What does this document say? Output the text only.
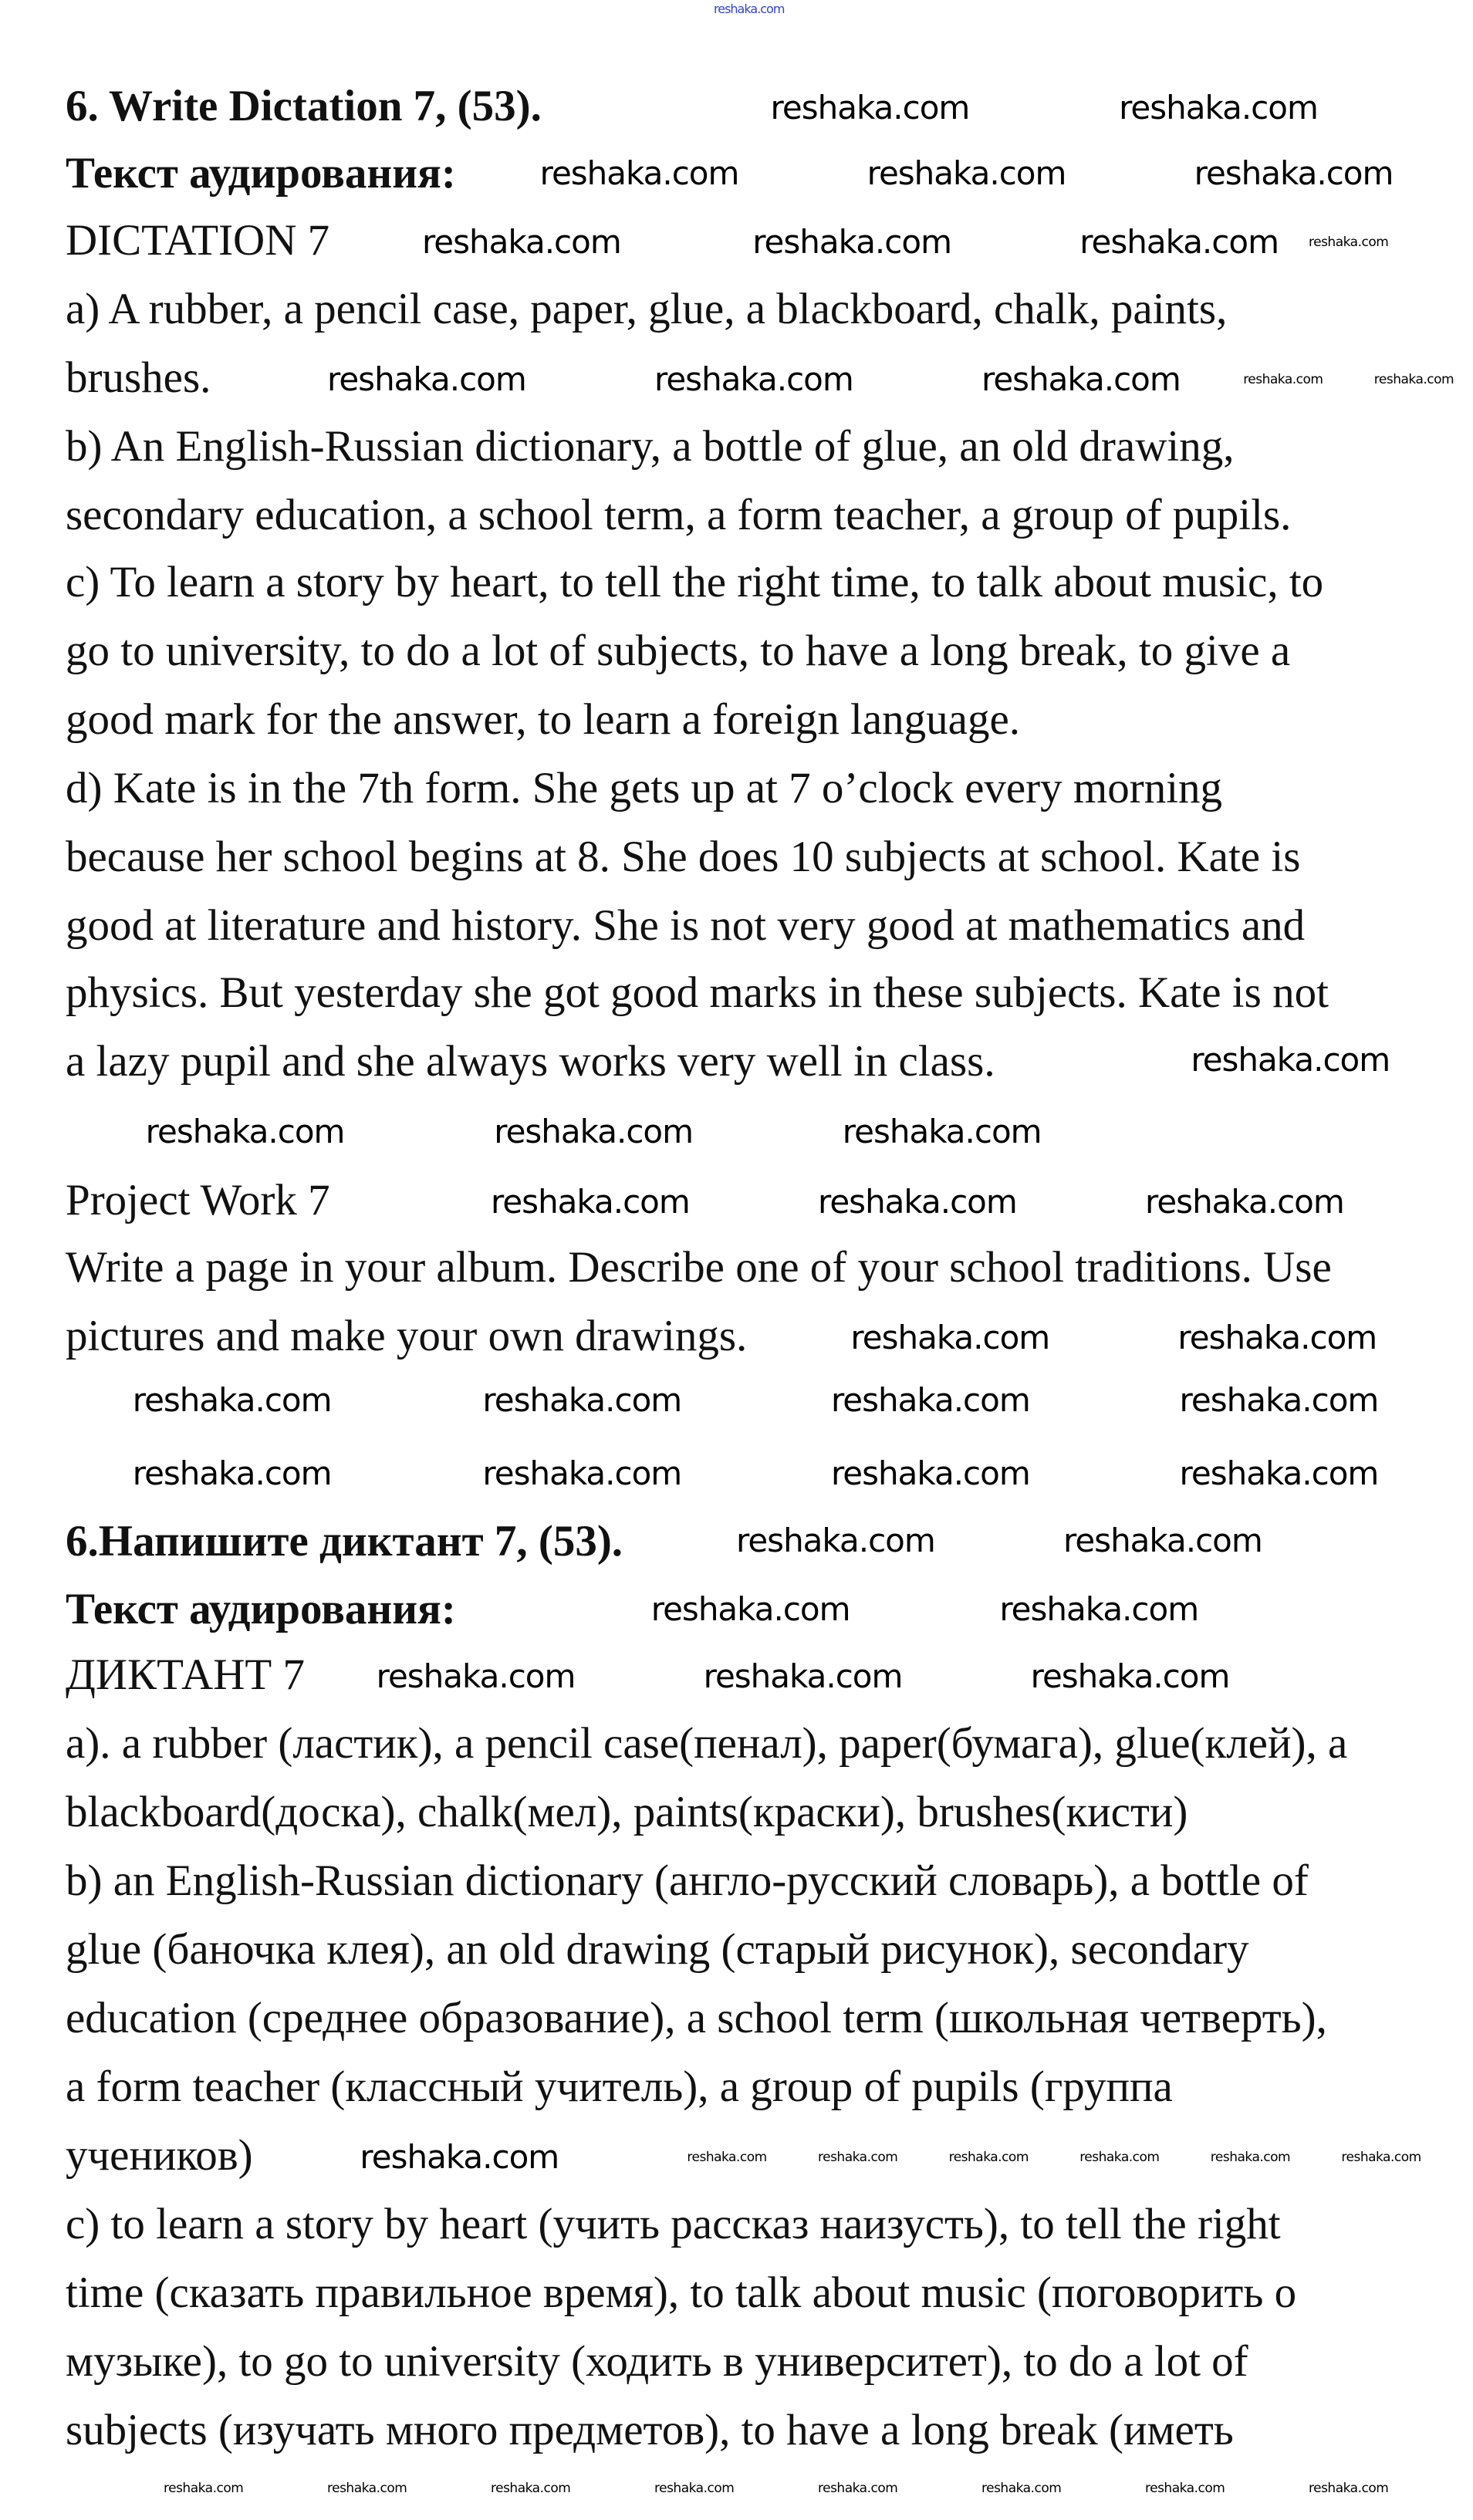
reshaka.com
6. Write Dictation 7, (53).
Текст аудирования:
DICTATION 7
a) A rubber, a pencil case, paper, glue, a blackboard, chalk, paints,
brushes.
b) An English-Russian dictionary, a bottle of glue, an old drawing,
secondary education, a school term, a form teacher, a group of pupils.
c) To learn a story by heart, to tell the right time, to talk about music, to
go to university, to do a lot of subjects, to have a long break, to give a
good mark for the answer, to learn a foreign language.
d) Kate is in the 7th form. She gets up at 7 o’clock every morning
because her school begins at 8. She does 10 subjects at school. Kate is
good at literature and history. She is not very good at mathematics and
physics. But yesterday she got good marks in these subjects. Kate is not
a lazy pupil and she always works very well in class.
Project Work 7
Write a page in your album. Describe one of your school traditions. Use
pictures and make your own drawings.
6.Напишите диктант 7, (53).
Текст аудирования:
ДИКТАНТ 7
a). a rubber (ластик), a pencil case(пенал), paper(бумага), glue(клей), a
blackboard(доска), chalk(мел), paints(краски), brushes(кисти)
b) an English-Russian dictionary (англо-русский словарь), a bottle of
glue (баночка клея), an old drawing (старый рисунок), secondary
education (среднее образование), a school term (школьная четверть),
a form teacher (классный учитель), a group of pupils (группа
учеников)
c) to learn a story by heart (учить рассказ наизусть), to tell the right
time (сказать правильное время), to talk about music (поговорить о
музыке), to go to university (ходить в университет), to do a lot of
subjects (изучать много предметов), to have a long break (иметь
reshaka.com	reshaka.com
reshaka.com	reshaka.com	reshaka.com
reshaka.com	reshaka.com	reshaka.com
reshaka.com	reshaka.com	reshaka.com
reshaka.com
reshaka.com	reshaka.com	reshaka.com
reshaka.com	reshaka.com	reshaka.com
reshaka.com	reshaka.com
reshaka.com	reshaka.com	reshaka.com	reshaka.com
reshaka.com	reshaka.com	reshaka.com	reshaka.com
reshaka.com	reshaka.com
reshaka.com	reshaka.com
reshaka.com	reshaka.com	reshaka.com
reshaka.com
reshaka.com
reshaka.com	reshaka.com
reshaka.com	reshaka.com	reshaka.com	reshaka.com	reshaka.com	reshaka.com
reshaka.com	reshaka.com	reshaka.com	reshaka.com	reshaka.com	reshaka.com	reshaka.com	reshaka.com
